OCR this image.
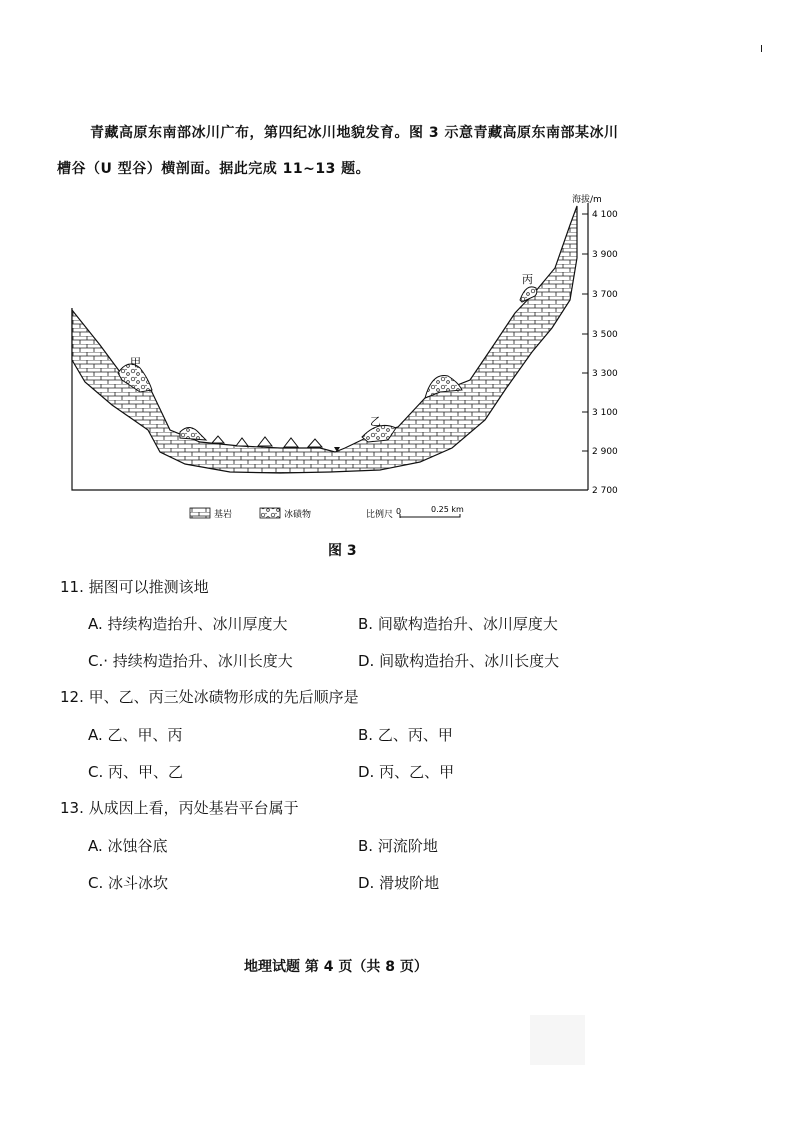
I
青藏高原东南部冰川广布，第四纪冰川地貌发育。图 3 示意青藏高原东南部某冰川
槽谷（U 型谷）横剖面。据此完成 11~13 题。
海拔/m
4 100
3 900
3 700
3 500
3 300
3 100
2 900
2 700
甲
乙
丙
基岩	冰碛物	比例尺 0	0.25 km
图 3
11. 据图可以推测该地
A. 持续构造抬升、冰川厚度大	B. 间歇构造抬升、冰川厚度大
C.· 持续构造抬升、冰川长度大	D. 间歇构造抬升、冰川长度大
12. 甲、乙、丙三处冰碛物形成的先后顺序是
A. 乙、甲、丙	B. 乙、丙、甲
C. 丙、甲、乙	D. 丙、乙、甲
13. 从成因上看，丙处基岩平台属于
A. 冰蚀谷底	B. 河流阶地
C. 冰斗冰坎	D. 滑坡阶地
地理试题 第 4 页（共 8 页）
